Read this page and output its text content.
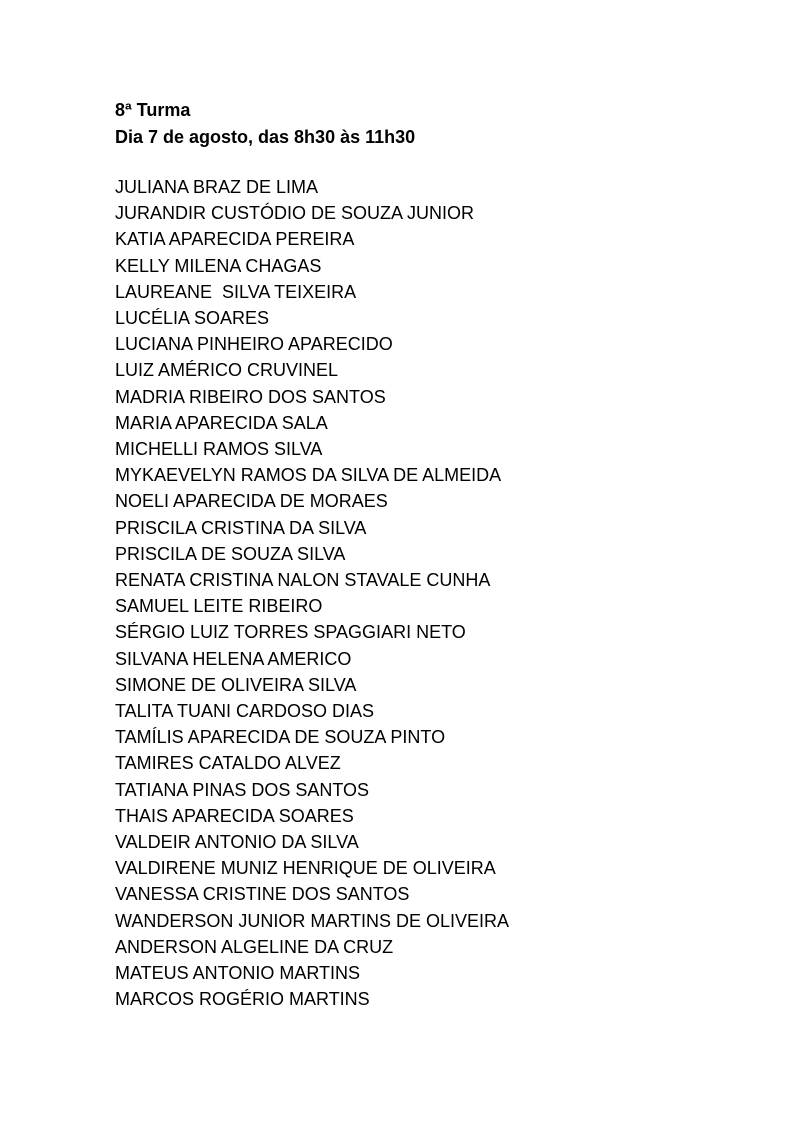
8ª Turma
Dia 7 de agosto, das 8h30 às 11h30
JULIANA BRAZ DE LIMA
JURANDIR CUSTÓDIO DE SOUZA JUNIOR
KATIA APARECIDA PEREIRA
KELLY MILENA CHAGAS
LAUREANE  SILVA TEIXEIRA
LUCÉLIA SOARES
LUCIANA PINHEIRO APARECIDO
LUIZ AMÉRICO CRUVINEL
MADRIA RIBEIRO DOS SANTOS
MARIA APARECIDA SALA
MICHELLI RAMOS SILVA
MYKAEVELYN RAMOS DA SILVA DE ALMEIDA
NOELI APARECIDA DE MORAES
PRISCILA CRISTINA DA SILVA
PRISCILA DE SOUZA SILVA
RENATA CRISTINA NALON STAVALE CUNHA
SAMUEL LEITE RIBEIRO
SÉRGIO LUIZ TORRES SPAGGIARI NETO
SILVANA HELENA AMERICO
SIMONE DE OLIVEIRA SILVA
TALITA TUANI CARDOSO DIAS
TAMÍLIS APARECIDA DE SOUZA PINTO
TAMIRES CATALDO ALVEZ
TATIANA PINAS DOS SANTOS
THAIS APARECIDA SOARES
VALDEIR ANTONIO DA SILVA
VALDIRENE MUNIZ HENRIQUE DE OLIVEIRA
VANESSA CRISTINE DOS SANTOS
WANDERSON JUNIOR MARTINS DE OLIVEIRA
ANDERSON ALGELINE DA CRUZ
MATEUS ANTONIO MARTINS
MARCOS ROGÉRIO MARTINS
